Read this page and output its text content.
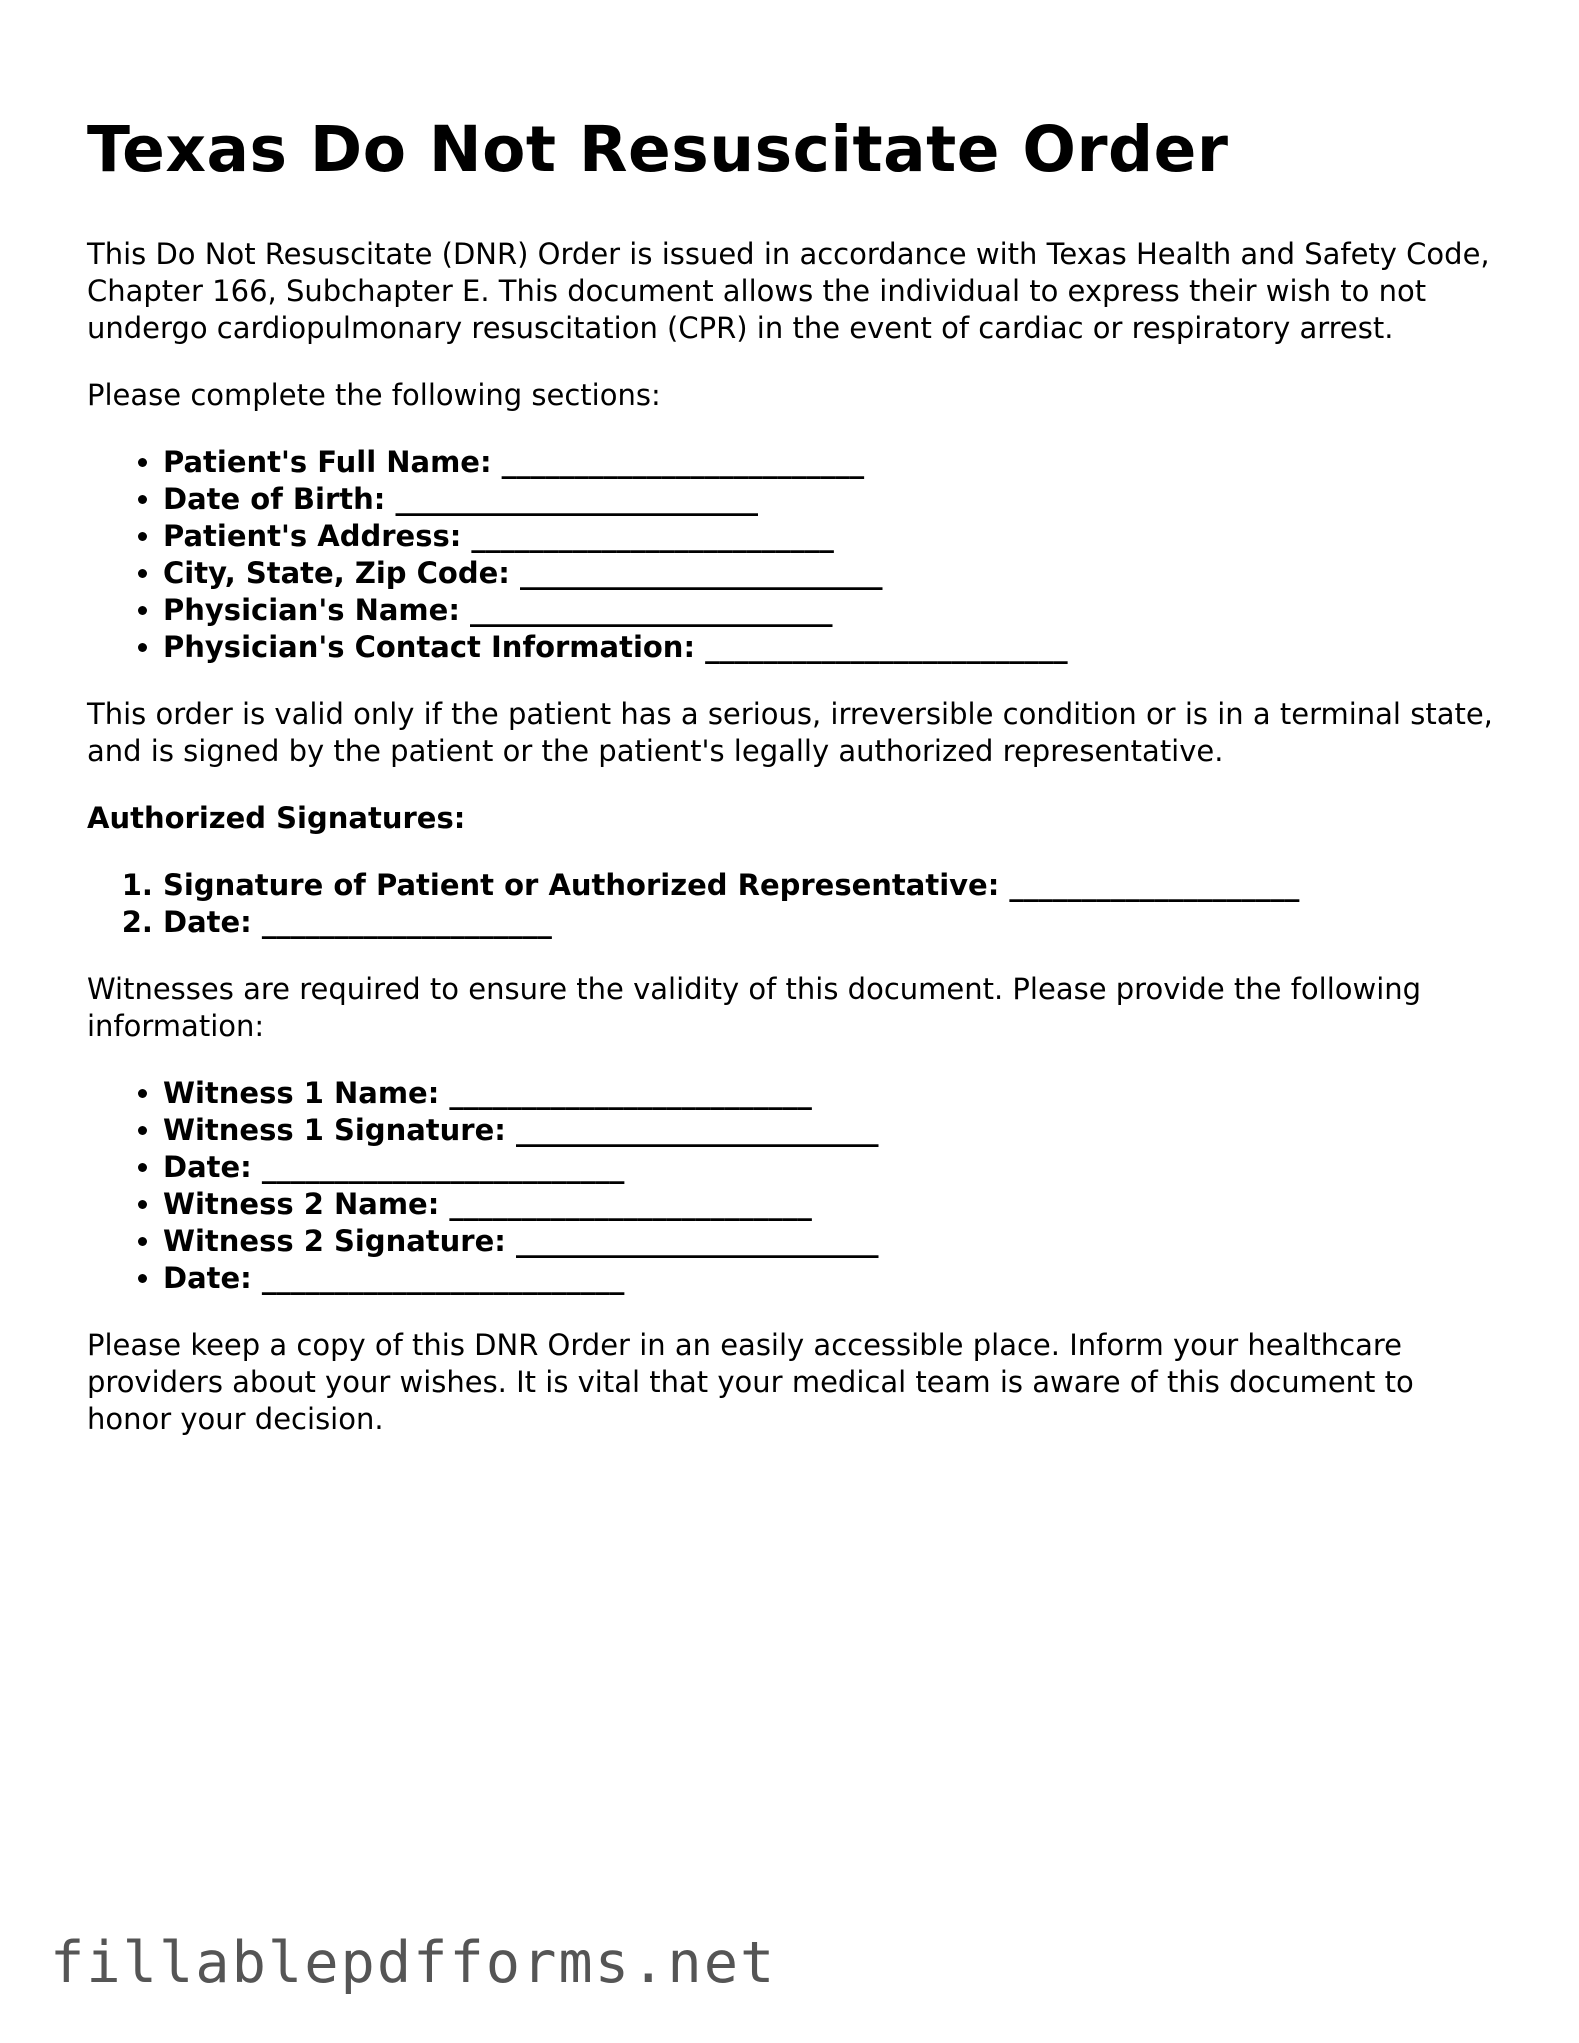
Texas Do Not Resuscitate Order

This Do Not Resuscitate (DNR) Order is issued in accordance with Texas Health and Safety Code, Chapter 166, Subchapter E. This document allows the individual to express their wish to not undergo cardiopulmonary resuscitation (CPR) in the event of cardiac or respiratory arrest.

Please complete the following sections:

• Patient's Full Name: _________________________
• Date of Birth: _________________________
• Patient's Address: _________________________
• City, State, Zip Code: _________________________
• Physician's Name: _________________________
• Physician's Contact Information: _________________________

This order is valid only if the patient has a serious, irreversible condition or is in a terminal state, and is signed by the patient or the patient's legally authorized representative.

Authorized Signatures:

1. Signature of Patient or Authorized Representative: ____________________
2. Date: ____________________

Witnesses are required to ensure the validity of this document. Please provide the following information:

• Witness 1 Name: _________________________
• Witness 1 Signature: _________________________
• Date: _________________________
• Witness 2 Name: _________________________
• Witness 2 Signature: _________________________
• Date: _________________________

Please keep a copy of this DNR Order in an easily accessible place. Inform your healthcare providers about your wishes. It is vital that your medical team is aware of this document to honor your decision.

fillablepdfforms.net
